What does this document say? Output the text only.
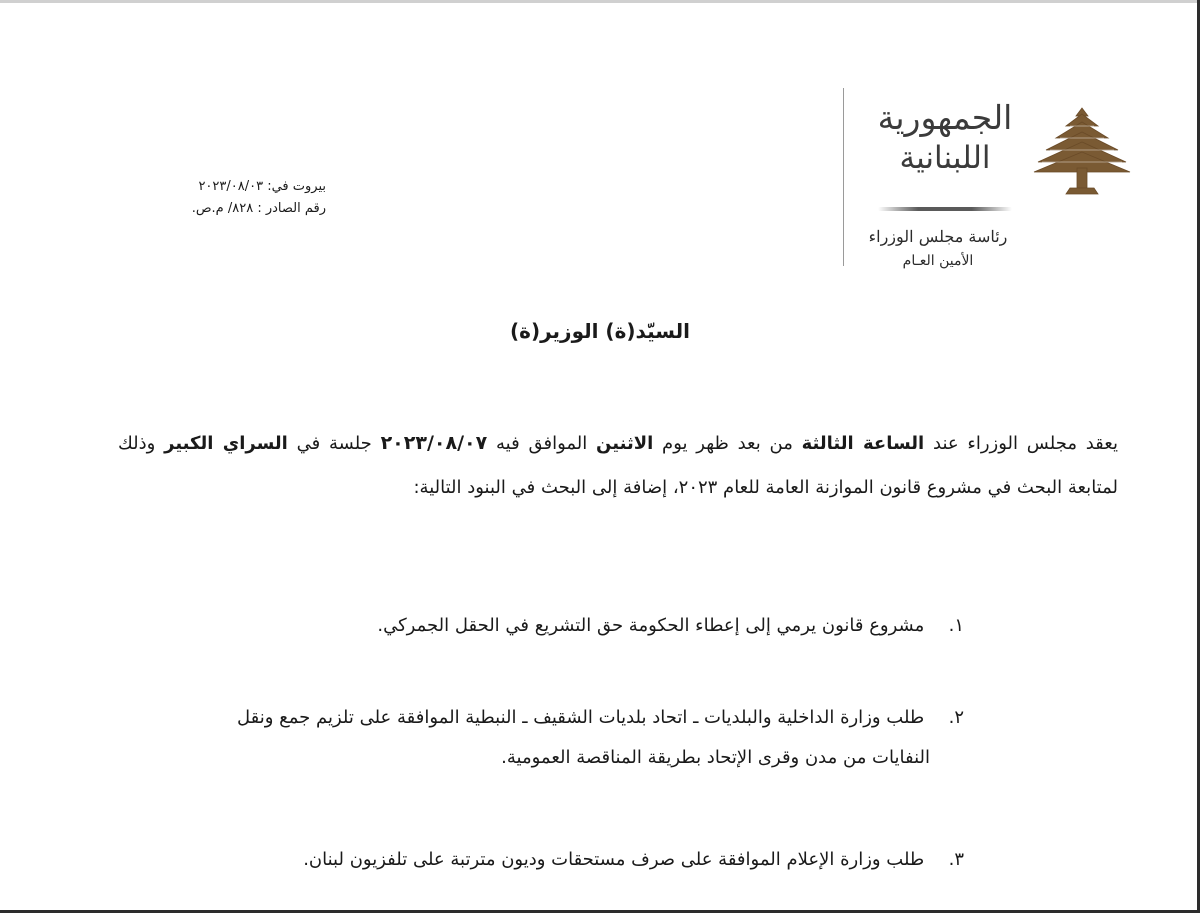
الجمهورية
اللبنانية
رئاسة مجلس الوزراء
الأمين العـام
بيروت في: ٢٠٢٣/٠٨/٠٣
رقم الصادر : ٨٢٨/ م.ص.
السيّد(ة) الوزير(ة)
يعقد مجلس الوزراء عند الساعة الثالثة من بعد ظهر يوم الاثنين الموافق فيه ٢٠٢٣/٠٨/٠٧ جلسة في السراي الكبير وذلك لمتابعة البحث في مشروع قانون الموازنة العامة للعام ٢٠٢٣، إضافة إلى البحث في البنود التالية:
١. مشروع قانون يرمي إلى إعطاء الحكومة حق التشريع في الحقل الجمركي.
٢. طلب وزارة الداخلية والبلديات ـ اتحاد بلديات الشقيف ـ النبطية الموافقة على تلزيم جمع ونقل
النفايات من مدن وقرى الإتحاد بطريقة المناقصة العمومية.
٣. طلب وزارة الإعلام الموافقة على صرف مستحقات وديون مترتبة على تلفزيون لبنان.
